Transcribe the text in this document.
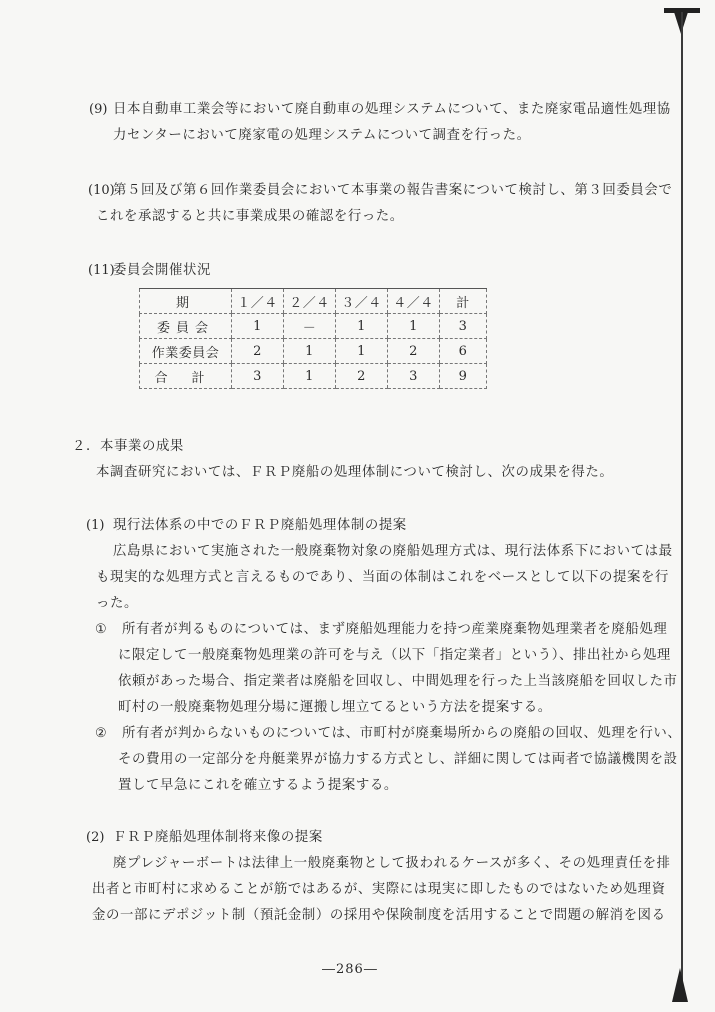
(9) 日本自動車工業会等において廃自動車の処理システムについて、また廃家電品適性処理協
力センターにおいて廃家電の処理システムについて調査を行った。
(10)
第５回及び第６回作業委員会において本事業の報告書案について検討し、第３回委員会で
これを承認すると共に事業成果の確認を行った。
(11)
委員会開催状況
期	１／４	２／４	３／４	４／４	計
委員会	1	－	1	1	3
作業委員会	2	1	1	2	6
合計	3	1	2	3	9
２．本事業の成果
本調査研究においては、ＦＲＰ廃船の処理体制について検討し、次の成果を得た。
(1) 現行法体系の中でのＦＲＰ廃船処理体制の提案
広島県において実施された一般廃棄物対象の廃船処理方式は、現行法体系下においては最
も現実的な処理方式と言えるものであり、当面の体制はこれをベースとして以下の提案を行
った。
① 所有者が判るものについては、まず廃船処理能力を持つ産業廃棄物処理業者を廃船処理
に限定して一般廃棄物処理業の許可を与え（以下「指定業者」という）、排出社から処理
依頼があった場合、指定業者は廃船を回収し、中間処理を行った上当該廃船を回収した市
町村の一般廃棄物処理分場に運搬し埋立てるという方法を提案する。
② 所有者が判からないものについては、市町村が廃棄場所からの廃船の回収、処理を行い、
その費用の一定部分を舟艇業界が協力する方式とし、詳細に関しては両者で協議機関を設
置して早急にこれを確立するよう提案する。
(2) ＦＲＰ廃船処理体制将来像の提案
廃プレジャーボートは法律上一般廃棄物として扱われるケースが多く、その処理責任を排
出者と市町村に求めることが筋ではあるが、実際には現実に即したものではないため処理資
金の一部にデポジット制（預託金制）の採用や保険制度を活用することで問題の解消を図る
―286―
